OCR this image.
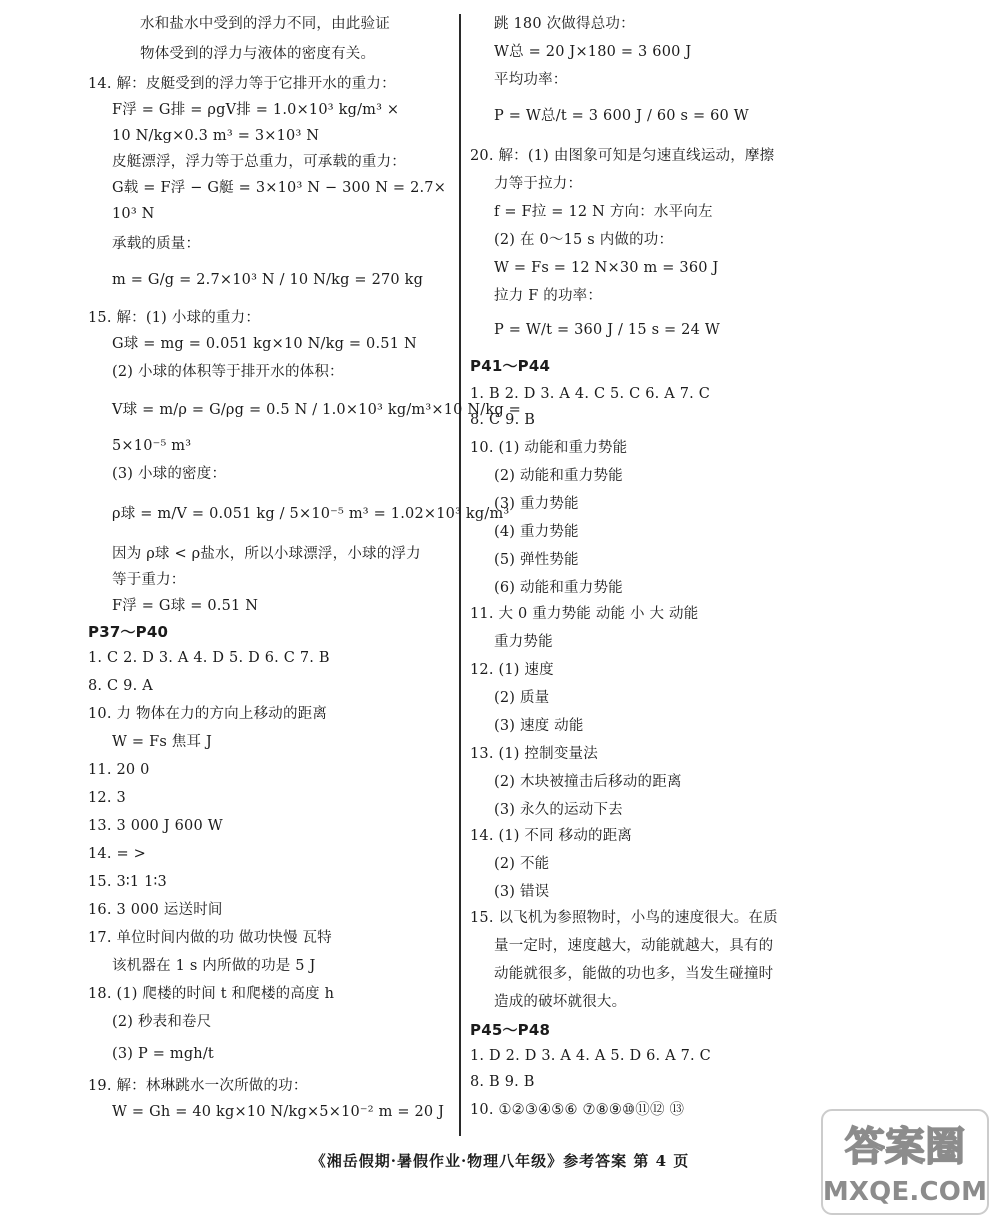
水和盐水中受到的浮力不同，由此验证
物体受到的浮力与液体的密度有关。
14. 解：皮艇受到的浮力等于它排开水的重力：
F浮 = G排 = ρgV排 = 1.0×10³ kg/m³ ×
10 N/kg×0.3 m³ = 3×10³ N
皮艇漂浮，浮力等于总重力，可承载的重力：
G载 = F浮 − G艇 = 3×10³ N − 300 N = 2.7×
10³ N
承载的质量：
m = G/g = 2.7×10³ N / 10 N/kg = 270 kg
15. 解：(1) 小球的重力：
G球 = mg = 0.051 kg×10 N/kg = 0.51 N
(2) 小球的体积等于排开水的体积：
V球 = m/ρ = G/ρg = 0.5 N / 1.0×10³ kg/m³×10 N/kg =
5×10⁻⁵ m³
(3) 小球的密度：
ρ球 = m/V = 0.051 kg / 5×10⁻⁵ m³ = 1.02×10³ kg/m³
因为 ρ球 < ρ盐水，所以小球漂浮，小球的浮力
等于重力：
F浮 = G球 = 0.51 N
P37～P40
1. C 2. D 3. A 4. D 5. D 6. C 7. B
8. C 9. A
10. 力 物体在力的方向上移动的距离
W = Fs 焦耳 J
11. 20 0
12. 3
13. 3 000 J 600 W
14. = >
15. 3∶1 1∶3
16. 3 000 运送时间
17. 单位时间内做的功 做功快慢 瓦特
该机器在 1 s 内所做的功是 5 J
18. (1) 爬楼的时间 t 和爬楼的高度 h
(2) 秒表和卷尺
(3) P = mgh/t
19. 解：林琳跳水一次所做的功：
W = Gh = 40 kg×10 N/kg×5×10⁻² m = 20 J
跳 180 次做得总功：
W总 = 20 J×180 = 3 600 J
平均功率：
P = W总/t = 3 600 J / 60 s = 60 W
20. 解：(1) 由图象可知是匀速直线运动，摩擦
力等于拉力：
f = F拉 = 12 N 方向：水平向左
(2) 在 0～15 s 内做的功：
W = Fs = 12 N×30 m = 360 J
拉力 F 的功率：
P = W/t = 360 J / 15 s = 24 W
P41～P44
1. B 2. D 3. A 4. C 5. C 6. A 7. C
8. C 9. B
10. (1) 动能和重力势能
(2) 动能和重力势能
(3) 重力势能
(4) 重力势能
(5) 弹性势能
(6) 动能和重力势能
11. 大 0 重力势能 动能 小 大 动能
重力势能
12. (1) 速度
(2) 质量
(3) 速度 动能
13. (1) 控制变量法
(2) 木块被撞击后移动的距离
(3) 永久的运动下去
14. (1) 不同 移动的距离
(2) 不能
(3) 错误
15. 以飞机为参照物时，小鸟的速度很大。在质
量一定时，速度越大，动能就越大，具有的
动能就很多，能做的功也多，当发生碰撞时
造成的破坏就很大。
P45～P48
1. D 2. D 3. A 4. A 5. D 6. A 7. C
8. B 9. B
10. ①②③④⑤⑥ ⑦⑧⑨⑩⑪⑫ ⑬
《湘岳假期·暑假作业·物理八年级》参考答案 第 4 页	答案圈
MXQE.COM
